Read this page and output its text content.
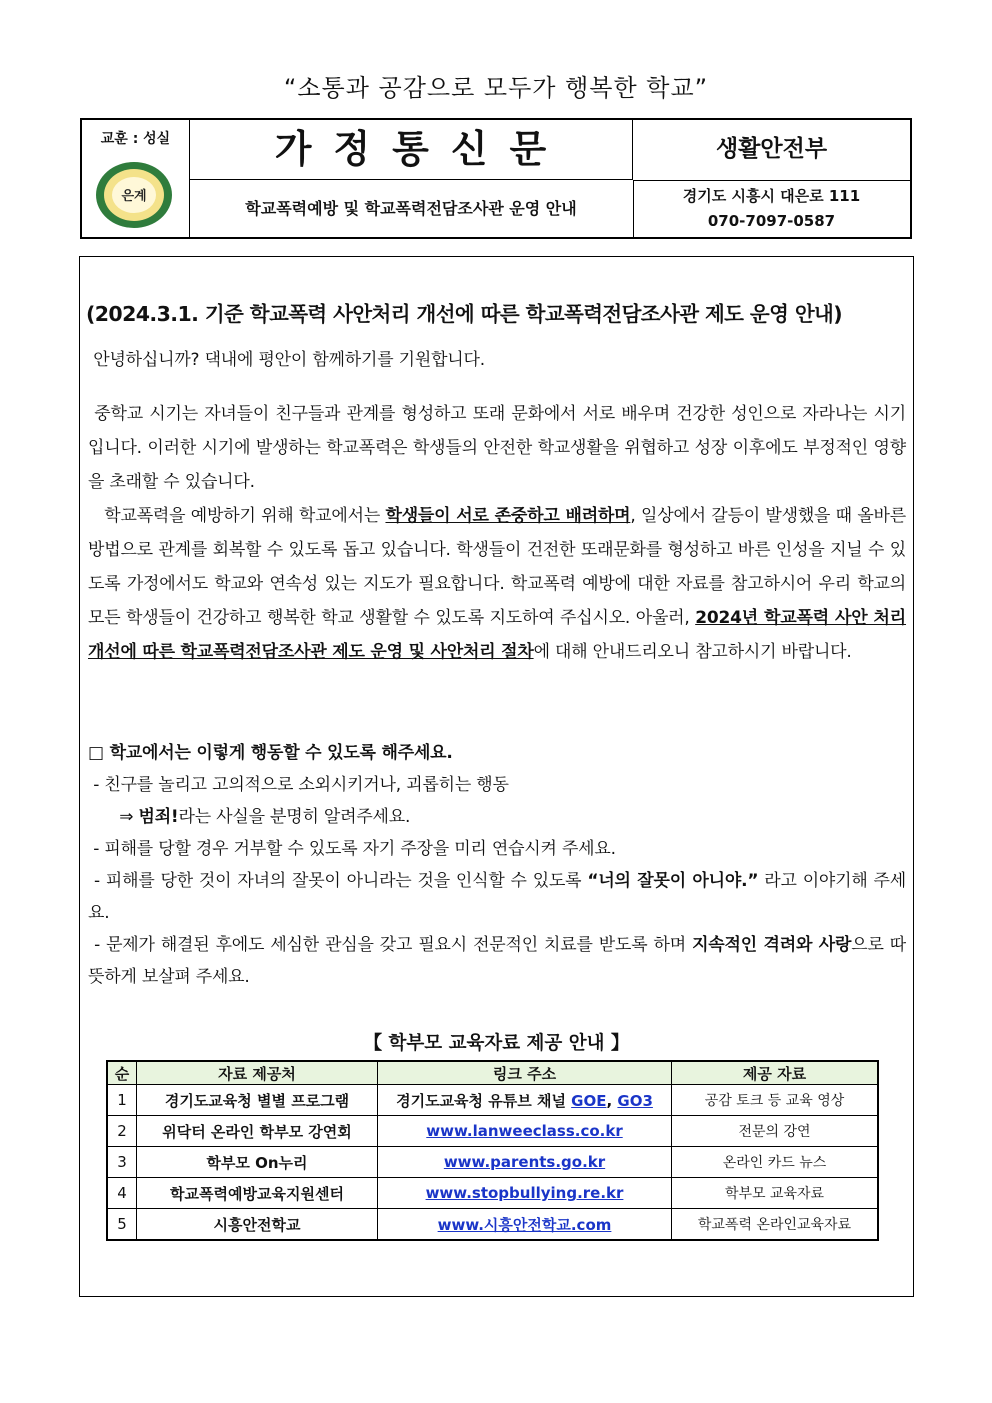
“소통과 공감으로 모두가 행복한 학교”
교훈 : 성실
은계
가정통신문
학교폭력예방 및 학교폭력전담조사관 운영 안내
생활안전부
경기도 시흥시 대은로 111
070-7097-0587
(2024.3.1. 기준 학교폭력 사안처리 개선에 따른 학교폭력전담조사관 제도 운영 안내)
안녕하십니까? 댁내에 평안이 함께하기를 기원합니다.
중학교 시기는 자녀들이 친구들과 관계를 형성하고 또래 문화에서 서로 배우며 건강한 성인으로 자라나는 시기입니다. 이러한 시기에 발생하는 학교폭력은 학생들의 안전한 학교생활을 위협하고 성장 이후에도 부정적인 영향을 초래할 수 있습니다.
학교폭력을 예방하기 위해 학교에서는 학생들이 서로 존중하고 배려하며, 일상에서 갈등이 발생했을 때 올바른 방법으로 관계를 회복할 수 있도록 돕고 있습니다. 학생들이 건전한 또래문화를 형성하고 바른 인성을 지닐 수 있도록 가정에서도 학교와 연속성 있는 지도가 필요합니다. 학교폭력 예방에 대한 자료를 참고하시어 우리 학교의 모든 학생들이 건강하고 행복한 학교 생활할 수 있도록 지도하여 주십시오. 아울러, 2024년 학교폭력 사안 처리 개선에 따른 학교폭력전담조사관 제도 운영 및 사안처리 절차에 대해 안내드리오니 참고하시기 바랍니다.
□ 학교에서는 이렇게 행동할 수 있도록 해주세요.
- 친구를 놀리고 고의적으로 소외시키거나, 괴롭히는 행동
⇒ 범죄!라는 사실을 분명히 알려주세요.
- 피해를 당할 경우 거부할 수 있도록 자기 주장을 미리 연습시켜 주세요.
- 피해를 당한 것이 자녀의 잘못이 아니라는 것을 인식할 수 있도록 “너의 잘못이 아니야.” 라고 이야기해 주세요.
- 문제가 해결된 후에도 세심한 관심을 갖고 필요시 전문적인 치료를 받도록 하며 지속적인 격려와 사랑으로 따뜻하게 보살펴 주세요.
【 학부모 교육자료 제공 안내 】
순	자료 제공처	링크 주소	제공 자료
1	경기도교육청 별별 프로그램	경기도교육청 유튜브 채널 GOE, GO3	공감 토크 등 교육 영상
2	위닥터 온라인 학부모 강연회	www.lanweeclass.co.kr	전문의 강연
3	학부모 On누리	www.parents.go.kr	온라인 카드 뉴스
4	학교폭력예방교육지원센터	www.stopbullying.re.kr	학부모 교육자료
5	시흥안전학교	www.시흥안전학교.com	학교폭력 온라인교육자료
